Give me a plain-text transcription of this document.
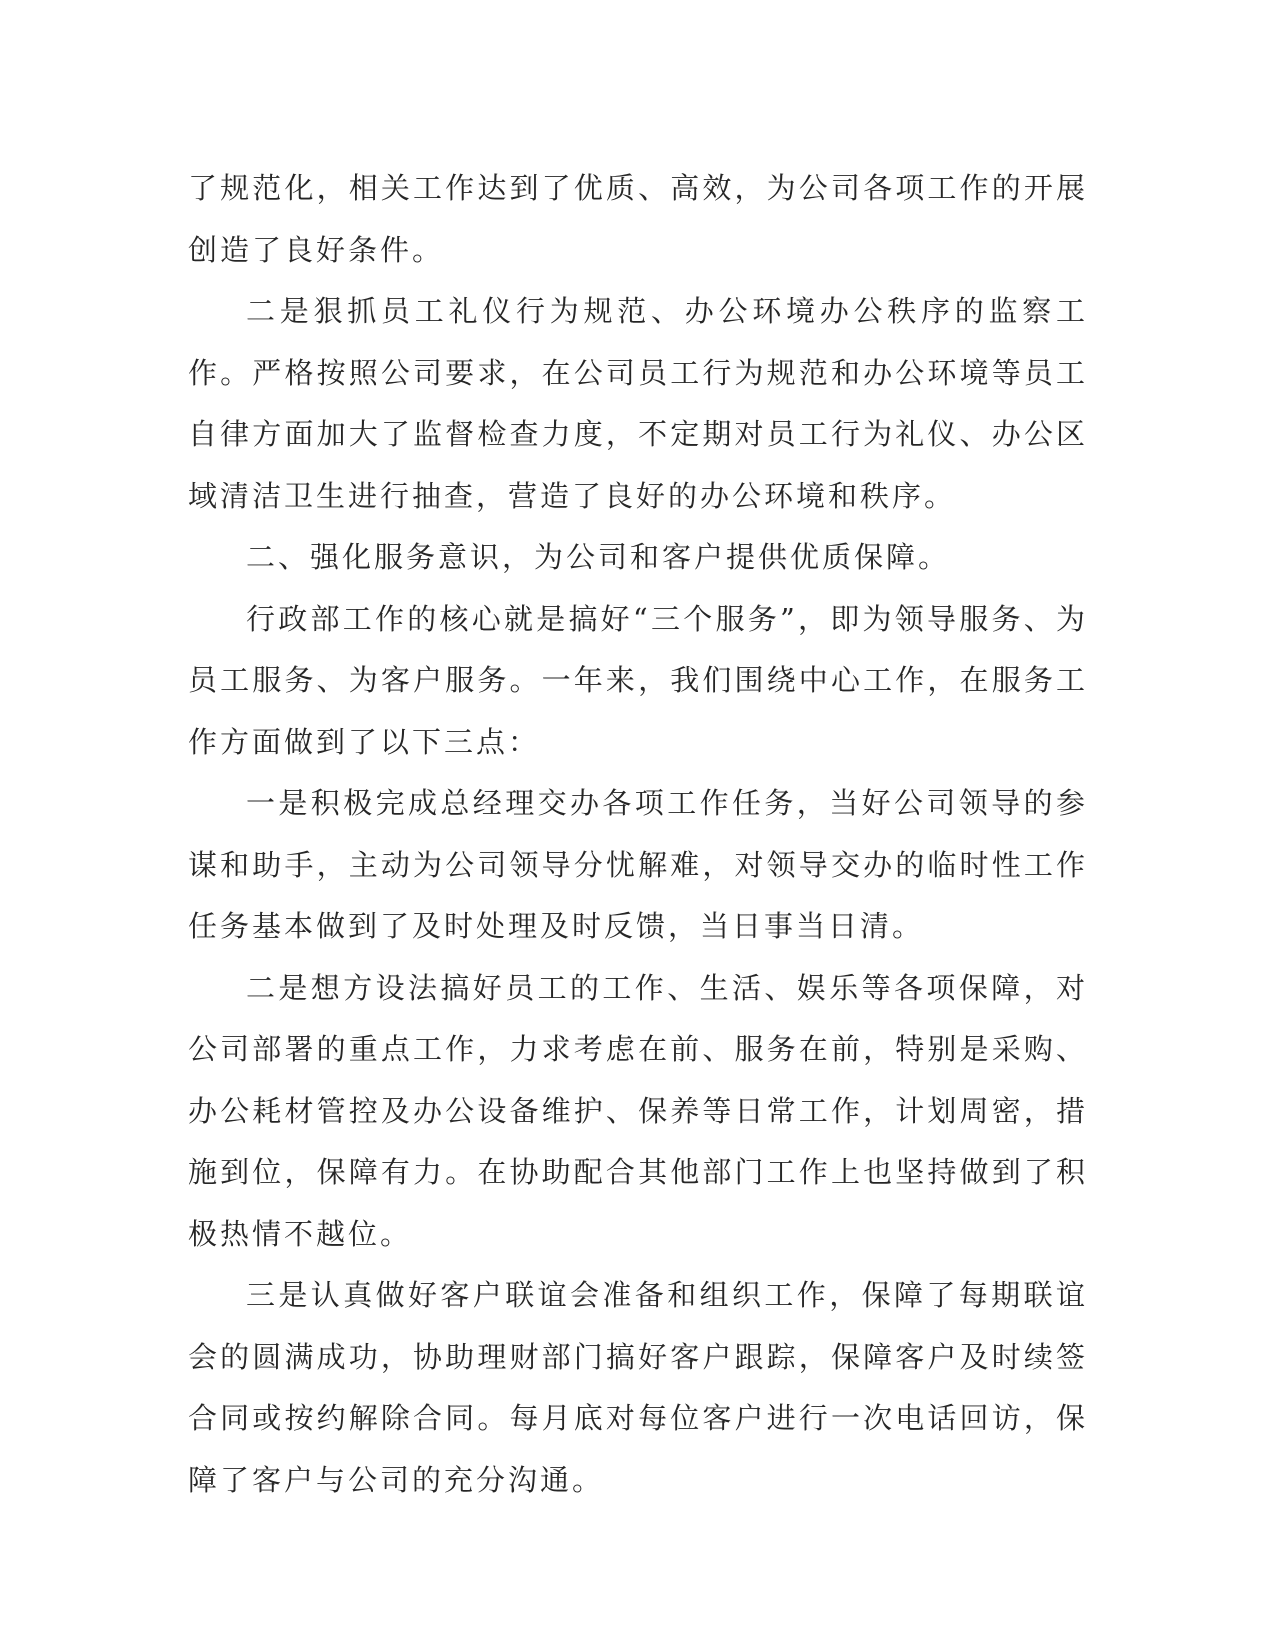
了规范化，相关工作达到了优质、高效，为公司各项工作的开展创造了良好条件。

二是狠抓员工礼仪行为规范、办公环境办公秩序的监察工作。严格按照公司要求，在公司员工行为规范和办公环境等员工自律方面加大了监督检查力度，不定期对员工行为礼仪、办公区域清洁卫生进行抽查，营造了良好的办公环境和秩序。

二、强化服务意识，为公司和客户提供优质保障。

行政部工作的核心就是搞好“三个服务”，即为领导服务、为员工服务、为客户服务。一年来，我们围绕中心工作，在服务工作方面做到了以下三点：

一是积极完成总经理交办各项工作任务，当好公司领导的参谋和助手，主动为公司领导分忧解难，对领导交办的临时性工作任务基本做到了及时处理及时反馈，当日事当日清。

二是想方设法搞好员工的工作、生活、娱乐等各项保障，对公司部署的重点工作，力求考虑在前、服务在前，特别是采购、办公耗材管控及办公设备维护、保养等日常工作，计划周密，措施到位，保障有力。在协助配合其他部门工作上也坚持做到了积极热情不越位。

三是认真做好客户联谊会准备和组织工作，保障了每期联谊会的圆满成功，协助理财部门搞好客户跟踪，保障客户及时续签合同或按约解除合同。每月底对每位客户进行一次电话回访，保障了客户与公司的充分沟通。
